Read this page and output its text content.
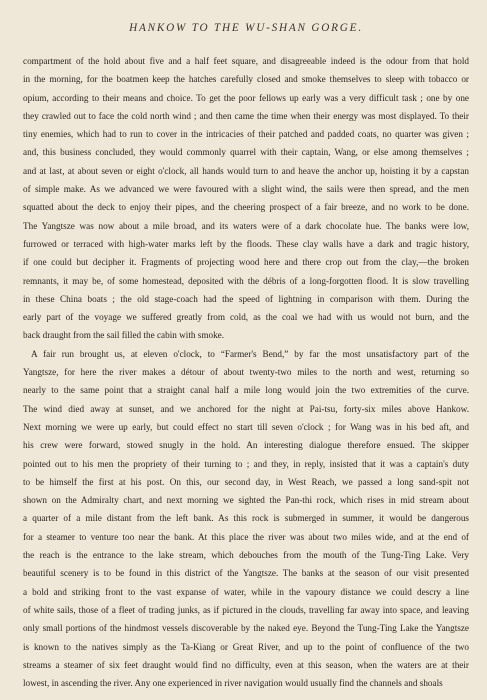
HANKOW TO THE WU-SHAN GORGE.
compartment of the hold about five and a half feet square, and disagreeable indeed is the odour from that hold
in the morning, for the boatmen keep the hatches carefully closed and smoke themselves to sleep with tobacco or
opium, according to their means and choice. To get the poor fellows up early was a very difficult task ; one by one
they crawled out to face the cold north wind ; and then came the time when their energy was most displayed. To their
tiny enemies, which had to run to cover in the intricacies of their patched and padded coats, no quarter was given ;
and, this business concluded, they would commonly quarrel with their captain, Wang, or else among themselves ;
and at last, at about seven or eight o'clock, all hands would turn to and heave the anchor up, hoisting it by a capstan
of simple make. As we advanced we were favoured with a slight wind, the sails were then spread, and the men
squatted about the deck to enjoy their pipes, and the cheering prospect of a fair breeze, and no work to be done.
The Yangtsze was now about a mile broad, and its waters were of a dark chocolate hue. The banks were low,
furrowed or terraced with high-water marks left by the floods. These clay walls have a dark and tragic history,
if one could but decipher it. Fragments of projecting wood here and there crop out from the clay,—the broken
remnants, it may be, of some homestead, deposited with the débris of a long-forgotten flood. It is slow travelling
in these China boats ; the old stage-coach had the speed of lightning in comparison with them. During the
early part of the voyage we suffered greatly from cold, as the coal we had with us would not burn, and the
back draught from the sail filled the cabin with smoke.
A fair run brought us, at eleven o'clock, to “Farmer's Bend,” by far the most unsatisfactory part of the
Yangtsze, for here the river makes a détour of about twenty-two miles to the north and west, returning so
nearly to the same point that a straight canal half a mile long would join the two extremities of the curve.
The wind died away at sunset, and we anchored for the night at Pai-tsu, forty-six miles above Hankow.
Next morning we were up early, but could effect no start till seven o'clock ; for Wang was in his bed aft, and
his crew were forward, stowed snugly in the hold. An interesting dialogue therefore ensued. The skipper
pointed out to his men the propriety of their turning to ; and they, in reply, insisted that it was a captain's duty
to be himself the first at his post. On this, our second day, in West Reach, we passed a long sand-spit not
shown on the Admiralty chart, and next morning we sighted the Pan-thi rock, which rises in mid stream about
a quarter of a mile distant from the left bank. As this rock is submerged in summer, it would be dangerous
for a steamer to venture too near the bank. At this place the river was about two miles wide, and at the end of
the reach is the entrance to the lake stream, which debouches from the mouth of the Tung-Ting Lake. Very
beautiful scenery is to be found in this district of the Yangtsze. The banks at the season of our visit presented
a bold and striking front to the vast expanse of water, while in the vapoury distance we could descry a line
of white sails, those of a fleet of trading junks, as if pictured in the clouds, travelling far away into space, and leaving
only small portions of the hindmost vessels discoverable by the naked eye. Beyond the Tung-Ting Lake the Yangtsze
is known to the natives simply as the Ta-Kiang or Great River, and up to the point of confluence of the two
streams a steamer of six feet draught would find no difficulty, even at this season, when the waters are at their
lowest, in ascending the river. Any one experienced in river navigation would usually find the channels and shoals
